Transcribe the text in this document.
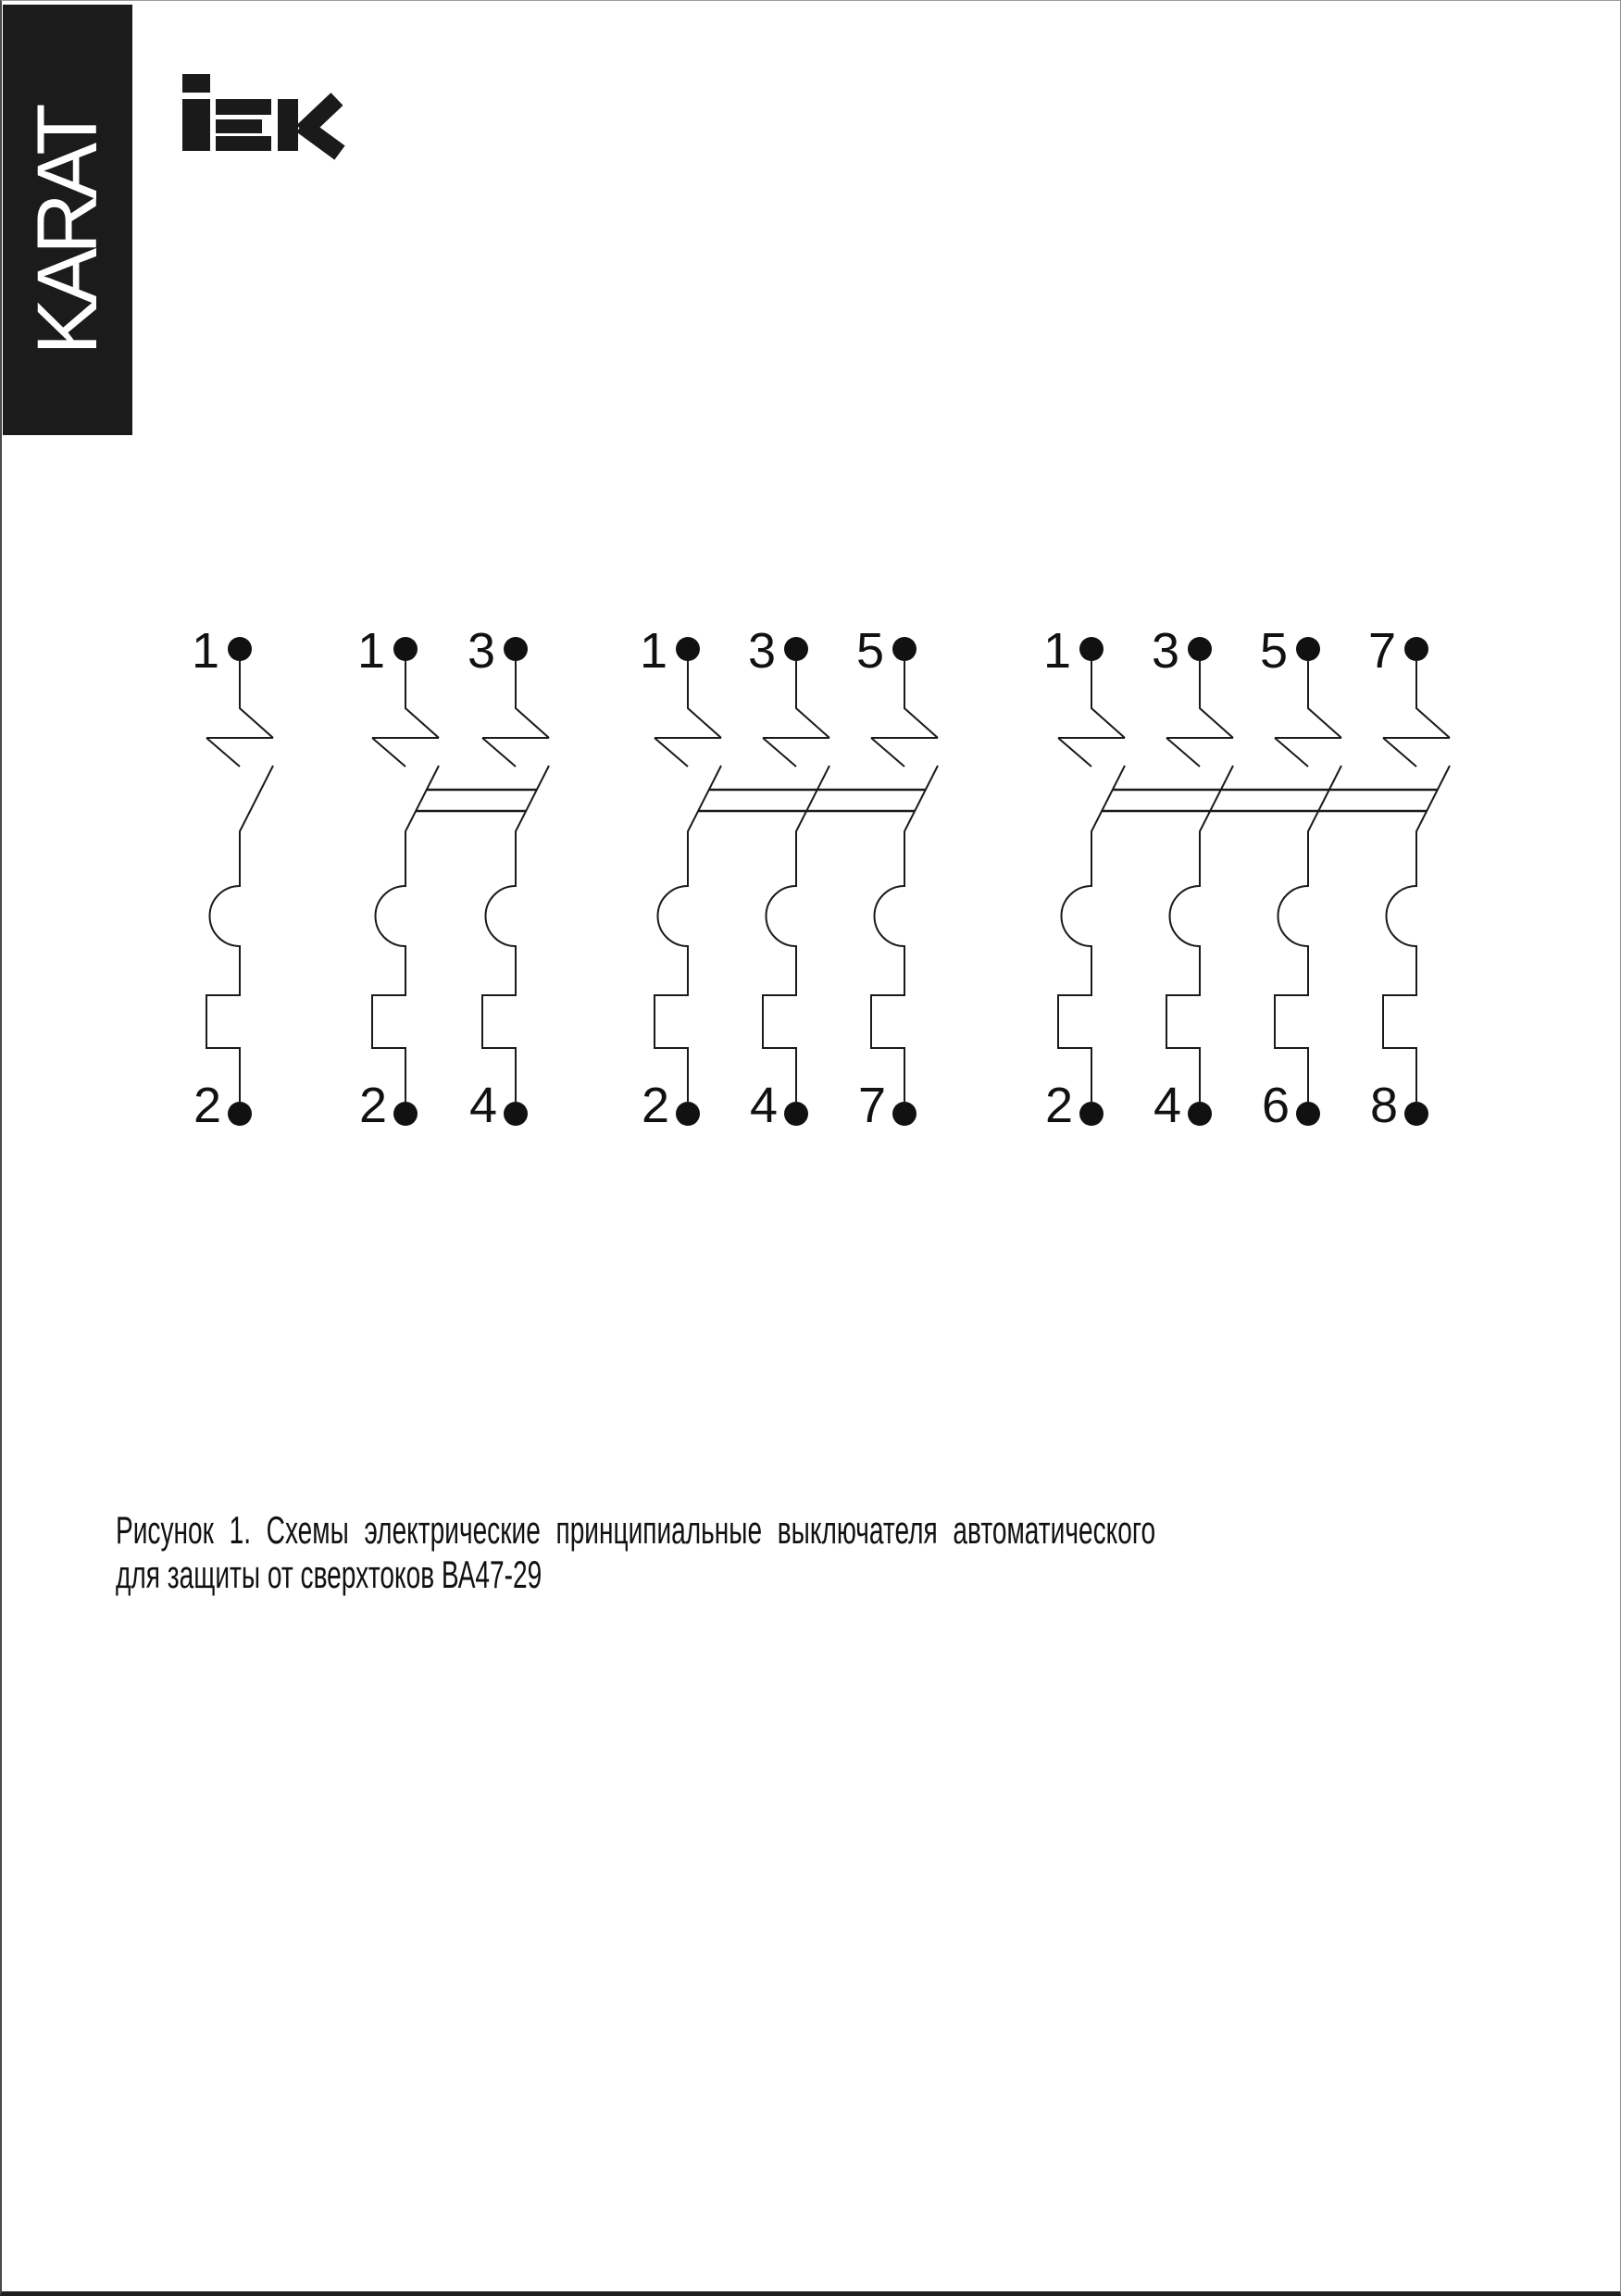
KARAT
1
2
1
2
3
4
1
2
3
4
5
7
1
2
3
4
5
6
7
8
Рисунок 1. Схемы электрические принципиальные выключателя автоматического
для защиты от сверхтоков ВА47-29
